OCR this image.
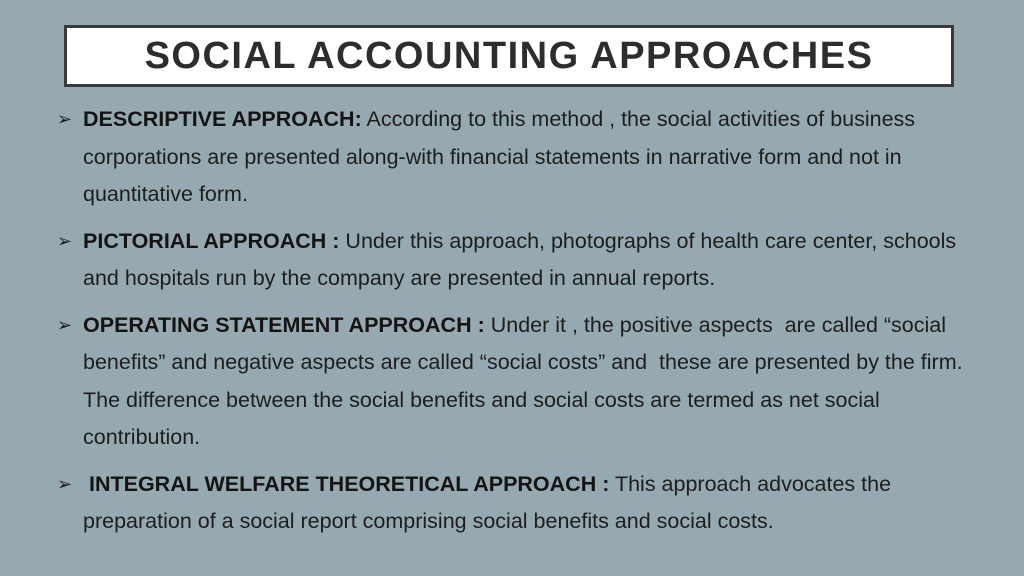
SOCIAL ACCOUNTING APPROACHES
➢ DESCRIPTIVE APPROACH: According to this method , the social activities of business corporations are presented along-with financial statements in narrative form and not in quantitative form.
➢ PICTORIAL APPROACH : Under this approach, photographs of health care center, schools and hospitals run by the company are presented in annual reports.
➢ OPERATING STATEMENT APPROACH : Under it , the positive aspects  are called “social benefits” and negative aspects are called “social costs” and  these are presented by the firm. The difference between the social benefits and social costs are termed as net social contribution.
➢ INTEGRAL WELFARE THEORETICAL APPROACH : This approach advocates the preparation of a social report comprising social benefits and social costs.
